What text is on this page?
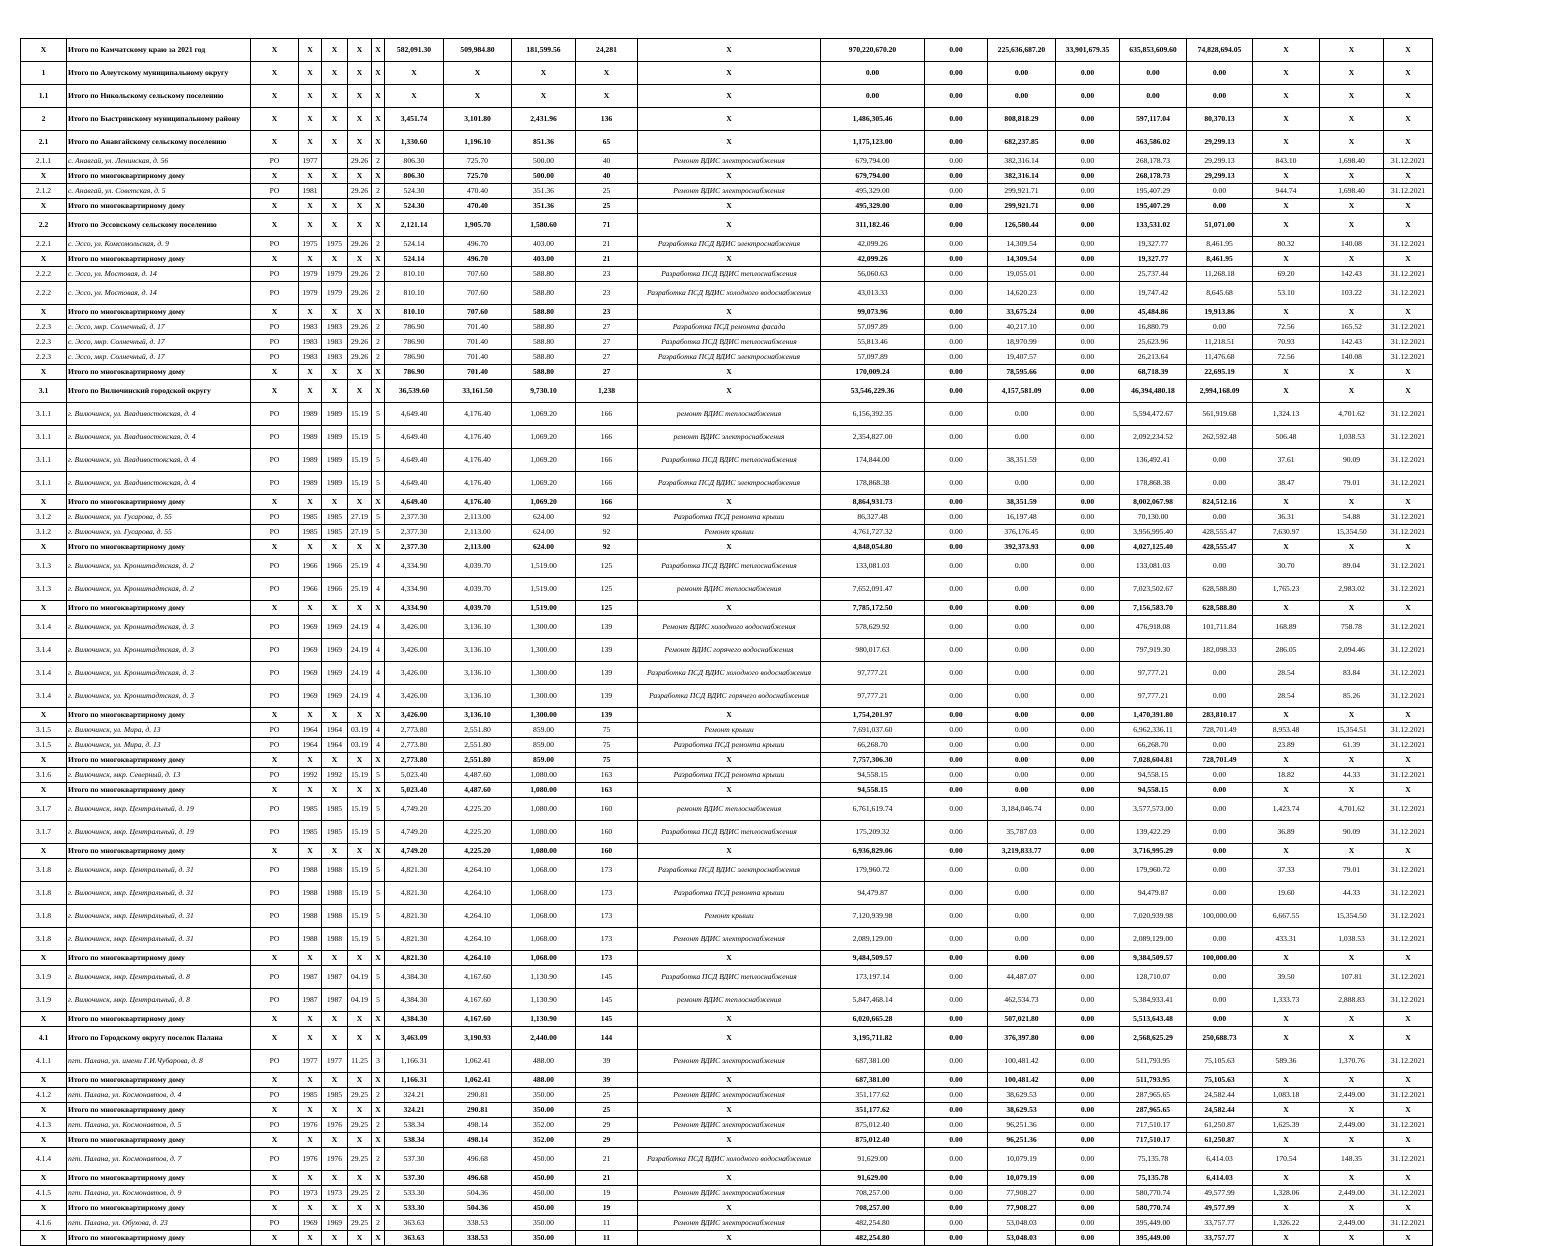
X	Итого по Камчатскому краю за 2021 год	X	X	X	X	X	582,091.30	509,984.80	181,599.56	24,281	X	970,220,670.20	0.00	225,636,687.20	33,901,679.35	635,853,609.60	74,828,694.05	X	X	X
1	Итого по Алеутскому муниципальному округу	X	X	X	X	X	X	X	X	X	X	0.00	0.00	0.00	0.00	0.00	0.00	X	X	X
1.1	Итого по Никольскому сельскому поселению	X	X	X	X	X	X	X	X	X	X	0.00	0.00	0.00	0.00	0.00	0.00	X	X	X
2	Итого по Быстринскому муниципальному району	X	X	X	X	X	3,451.74	3,101.80	2,431.96	136	X	1,486,305.46	0.00	808,818.29	0.00	597,117.04	80,370.13	X	X	X
2.1	Итого по Анавгайскому сельскому поселению	X	X	X	X	X	1,330.60	1,196.10	851.36	65	X	1,175,123.00	0.00	682,237.85	0.00	463,586.02	29,299.13	X	X	X
2.1.1	с. Анавгай, ул. Ленинская, д. 56	РО	1977		29.26	2	806.30	725.70	500.00	40	Ремонт ВДИС электроснабжения	679,794.00	0.00	382,316.14	0.00	268,178.73	29,299.13	843.10	1,698.40	31.12.2021
X	Итого по многоквартирному дому	X	X	X	X	X	806.30	725.70	500.00	40	X	679,794.00	0.00	382,316.14	0.00	268,178.73	29,299.13	X	X	X
2.1.2	с. Анавгай, ул. Советская, д. 5	РО	1981		29.26	2	524.30	470.40	351.36	25	Ремонт ВДИС электроснабжения	495,329.00	0.00	299,921.71	0.00	195,407.29	0.00	944.74	1,698.40	31.12.2021
X	Итого по многоквартирному дому	X	X	X	X	X	524.30	470.40	351.36	25	X	495,329.00	0.00	299,921.71	0.00	195,407.29	0.00	X	X	X
2.2	Итого по Эссовскому сельскому поселению	X	X	X	X	X	2,121.14	1,905.70	1,580.60	71	X	311,182.46	0.00	126,580.44	0.00	133,531.02	51,071.00	X	X	X
2.2.1	с. Эссо, ул. Комсомольская, д. 9	РО	1975	1975	29.26	2	524.14	496.70	403.00	21	Разработка ПСД ВДИС электроснабжения	42,099.26	0.00	14,309.54	0.00	19,327.77	8,461.95	80.32	140.08	31.12.2021
X	Итого по многоквартирному дому	X	X	X	X	X	524.14	496.70	403.00	21	X	42,099.26	0.00	14,309.54	0.00	19,327.77	8,461.95	X	X	X
2.2.2	с. Эссо, ул. Мостовая, д. 14	РО	1979	1979	29.26	2	810.10	707.60	588.80	23	Разработка ПСД ВДИС теплоснабжения	56,060.63	0.00	19,055.01	0.00	25,737.44	11,268.18	69.20	142.43	31.12.2021
2.2.2	с. Эссо, ул. Мостовая, д. 14	РО	1979	1979	29.26	2	810.10	707.60	588.80	23	Разработка ПСД ВДИС холодного водоснабжения	43,013.33	0.00	14,620.23	0.00	19,747.42	8,645.68	53.10	103.22	31.12.2021
X	Итого по многоквартирному дому	X	X	X	X	X	810.10	707.60	588.80	23	X	99,073.96	0.00	33,675.24	0.00	45,484.86	19,913.86	X	X	X
2.2.3	с. Эссо, мкр. Солнечный, д. 17	РО	1983	1983	29.26	2	786.90	701.40	588.80	27	Разработка ПСД ремонта фасада	57,097.89	0.00	40,217.10	0.00	16,880.79	0.00	72.56	165.52	31.12.2021
2.2.3	с. Эссо, мкр. Солнечный, д. 17	РО	1983	1983	29.26	2	786.90	701.40	588.80	27	Разработка ПСД ВДИС теплоснабжения	55,813.46	0.00	18,970.99	0.00	25,623.96	11,218.51	70.93	142.43	31.12.2021
2.2.3	с. Эссо, мкр. Солнечный, д. 17	РО	1983	1983	29.26	2	786.90	701.40	588.80	27	Разработка ПСД ВДИС электроснабжения	57,097.89	0.00	19,407.57	0.00	26,213.64	11,476.68	72.56	140.08	31.12.2021
X	Итого по многоквартирному дому	X	X	X	X	X	786.90	701.40	588.80	27	X	170,009.24	0.00	78,595.66	0.00	68,718.39	22,695.19	X	X	X
3.1	Итого по Вилючинский городской округу	X	X	X	X	X	36,539.60	33,161.50	9,730.10	1,238	X	53,546,229.36	0.00	4,157,581.09	0.00	46,394,480.18	2,994,168.09	X	X	X
3.1.1	г. Вилючинск, ул. Владивостокская, д. 4	РО	1989	1989	15.19	5	4,649.40	4,176.40	1,069.20	166	ремонт ВДИС теплоснабжения	6,156,392.35	0.00	0.00	0.00	5,594,472.67	561,919.68	1,324.13	4,701.62	31.12.2021
3.1.1	г. Вилючинск, ул. Владивостокская, д. 4	РО	1989	1989	15.19	5	4,649.40	4,176.40	1,069.20	166	ремонт ВДИС электроснабжения	2,354,827.00	0.00	0.00	0.00	2,092,234.52	262,592.48	506.48	1,038.53	31.12.2021
3.1.1	г. Вилючинск, ул. Владивостокская, д. 4	РО	1989	1989	15.19	5	4,649.40	4,176.40	1,069.20	166	Разработка ПСД ВДИС теплоснабжения	174,844.00	0.00	38,351.59	0.00	136,492.41	0.00	37.61	90.09	31.12.2021
3.1.1	г. Вилючинск, ул. Владивостокская, д. 4	РО	1989	1989	15.19	5	4,649.40	4,176.40	1,069.20	166	Разработка ПСД ВДИС электроснабжения	178,868.38	0.00	0.00	0.00	178,868.38	0.00	38.47	79.01	31.12.2021
X	Итого по многоквартирному дому	X	X	X	X	X	4,649.40	4,176.40	1,069.20	166	X	8,864,931.73	0.00	38,351.59	0.00	8,002,067.98	824,512.16	X	X	X
3.1.2	г. Вилючинск, ул. Гусарова, д. 55	РО	1985	1985	27.19	5	2,377.30	2,113.00	624.00	92	Разработка ПСД ремонта крыши	86,327.48	0.00	16,197.48	0.00	70,130.00	0.00	36.31	54.88	31.12.2021
3.1.2	г. Вилючинск, ул. Гусарова, д. 55	РО	1985	1985	27.19	5	2,377.30	2,113.00	624.00	92	Ремонт крыши	4,761,727.32	0.00	376,176.45	0.00	3,956,995.40	428,555.47	7,630.97	15,354.50	31.12.2021
X	Итого по многоквартирному дому	X	X	X	X	X	2,377.30	2,113.00	624.00	92	X	4,848,054.80	0.00	392,373.93	0.00	4,027,125.40	428,555.47	X	X	X
3.1.3	г. Вилючинск, ул. Кронштадтская, д. 2	РО	1966	1966	25.19	4	4,334.90	4,039.70	1,519.00	125	Разработка ПСД ВДИС теплоснабжения	133,081.03	0.00	0.00	0.00	133,081.03	0.00	30.70	89.04	31.12.2021
3.1.3	г. Вилючинск, ул. Кронштадтская, д. 2	РО	1966	1966	25.19	4	4,334.90	4,039.70	1,519.00	125	ремонт ВДИС теплоснабжения	7,652,091.47	0.00	0.00	0.00	7,023,502.67	628,588.80	1,765.23	2,983.02	31.12.2021
X	Итого по многоквартирному дому	X	X	X	X	X	4,334.90	4,039.70	1,519.00	125	X	7,785,172.50	0.00	0.00	0.00	7,156,583.70	628,588.80	X	X	X
3.1.4	г. Вилючинск, ул. Кронштадтская, д. 3	РО	1969	1969	24.19	4	3,426.00	3,136.10	1,300.00	139	Ремонт ВДИС холодного водоснабжения	578,629.92	0.00	0.00	0.00	476,918.08	101,711.84	168.89	758.78	31.12.2021
3.1.4	г. Вилючинск, ул. Кронштадтская, д. 3	РО	1969	1969	24.19	4	3,426.00	3,136.10	1,300.00	139	Ремонт ВДИС горячего водоснабжения	980,017.63	0.00	0.00	0.00	797,919.30	182,098.33	286.05	2,094.46	31.12.2021
3.1.4	г. Вилючинск, ул. Кронштадтская, д. 3	РО	1969	1969	24.19	4	3,426.00	3,136.10	1,300.00	139	Разработка ПСД ВДИС холодного водоснабжения	97,777.21	0.00	0.00	0.00	97,777.21	0.00	28.54	83.84	31.12.2021
3.1.4	г. Вилючинск, ул. Кронштадтская, д. 3	РО	1969	1969	24.19	4	3,426.00	3,136.10	1,300.00	139	Разработка ПСД ВДИС горячего водоснабжения	97,777.21	0.00	0.00	0.00	97,777.21	0.00	28.54	85.26	31.12.2021
X	Итого по многоквартирному дому	X	X	X	X	X	3,426.00	3,136.10	1,300.00	139	X	1,754,201.97	0.00	0.00	0.00	1,470,391.80	283,810.17	X	X	X
3.1.5	г. Вилючинск, ул. Мира, д. 13	РО	1964	1964	03.19	4	2,773.80	2,551.80	859.00	75	Ремонт крыши	7,691,037.60	0.00	0.00	0.00	6,962,336.11	728,701.49	8,953.48	15,354.51	31.12.2021
3.1.5	г. Вилючинск, ул. Мира, д. 13	РО	1964	1964	03.19	4	2,773.80	2,551.80	859.00	75	Разработка ПСД ремонта крыши	66,268.70	0.00	0.00	0.00	66,268.70	0.00	23.89	61.39	31.12.2021
X	Итого по многоквартирному дому	X	X	X	X	X	2,773.80	2,551.80	859.00	75	X	7,757,306.30	0.00	0.00	0.00	7,028,604.81	728,701.49	X	X	X
3.1.6	г. Вилючинск, мкр. Северный, д. 13	РО	1992	1992	15.19	5	5,023.40	4,487.60	1,080.00	163	Разработка ПСД ремонта крыши	94,558.15	0.00	0.00	0.00	94,558.15	0.00	18.82	44.33	31.12.2021
X	Итого по многоквартирному дому	X	X	X	X	X	5,023.40	4,487.60	1,080.00	163	X	94,558.15	0.00	0.00	0.00	94,558.15	0.00	X	X	X
3.1.7	г. Вилючинск, мкр. Центральный, д. 19	РО	1985	1985	15.19	5	4,749.20	4,225.20	1,080.00	160	ремонт ВДИС теплоснабжения	6,761,619.74	0.00	3,184,046.74	0.00	3,577,573.00	0.00	1,423.74	4,701.62	31.12.2021
3.1.7	г. Вилючинск, мкр. Центральный, д. 19	РО	1985	1985	15.19	5	4,749.20	4,225.20	1,080.00	160	Разработка ПСД ВДИС теплоснабжения	175,209.32	0.00	35,787.03	0.00	139,422.29	0.00	36.89	90.09	31.12.2021
X	Итого по многоквартирному дому	X	X	X	X	X	4,749.20	4,225.20	1,080.00	160	X	6,936,829.06	0.00	3,219,833.77	0.00	3,716,995.29	0.00	X	X	X
3.1.8	г. Вилючинск, мкр. Центральный, д. 31	РО	1988	1988	15.19	5	4,821.30	4,264.10	1,068.00	173	Разработка ПСД ВДИС электроснабжения	179,960.72	0.00	0.00	0.00	179,960.72	0.00	37.33	79.01	31.12.2021
3.1.8	г. Вилючинск, мкр. Центральный, д. 31	РО	1988	1988	15.19	5	4,821.30	4,264.10	1,068.00	173	Разработка ПСД ремонта крыши	94,479.87	0.00	0.00	0.00	94,479.87	0.00	19.60	44.33	31.12.2021
3.1.8	г. Вилючинск, мкр. Центральный, д. 31	РО	1988	1988	15.19	5	4,821.30	4,264.10	1,068.00	173	Ремонт крыши	7,120,939.98	0.00	0.00	0.00	7,020,939.98	100,000.00	6,667.55	15,354.50	31.12.2021
3.1.8	г. Вилючинск, мкр. Центральный, д. 31	РО	1988	1988	15.19	5	4,821.30	4,264.10	1,068.00	173	Ремонт ВДИС электроснабжения	2,089,129.00	0.00	0.00	0.00	2,089,129.00	0.00	433.31	1,038.53	31.12.2021
X	Итого по многоквартирному дому	X	X	X	X	X	4,821.30	4,264.10	1,068.00	173	X	9,484,509.57	0.00	0.00	0.00	9,384,509.57	100,000.00	X	X	X
3.1.9	г. Вилючинск, мкр. Центральный, д. 8	РО	1987	1987	04.19	5	4,384.30	4,167.60	1,130.90	145	Разработка ПСД ВДИС теплоснабжения	173,197.14	0.00	44,487.07	0.00	128,710.07	0.00	39.50	107.81	31.12.2021
3.1.9	г. Вилючинск, мкр. Центральный, д. 8	РО	1987	1987	04.19	5	4,384.30	4,167.60	1,130.90	145	ремонт ВДИС теплоснабжения	5,847,468.14	0.00	462,534.73	0.00	5,384,933.41	0.00	1,333.73	2,888.83	31.12.2021
X	Итого по многоквартирному дому	X	X	X	X	X	4,384.30	4,167.60	1,130.90	145	X	6,020,665.28	0.00	507,021.80	0.00	5,513,643.48	0.00	X	X	X
4.1	Итого по Городскому округу поселок Палана	X	X	X	X	X	3,463.09	3,190.93	2,440.00	144	X	3,195,711.82	0.00	376,397.80	0.00	2,568,625.29	250,688.73	X	X	X
4.1.1	пгт. Палана, ул. имени Г.И.Чубарова, д. 8	РО	1977	1977	11.25	3	1,166.31	1,062.41	488.00	39	Ремонт ВДИС электроснабжения	687,381.00	0.00	100,481.42	0.00	511,793.95	75,105.63	589.36	1,370.76	31.12.2021
X	Итого по многоквартирному дому	X	X	X	X	X	1,166.31	1,062.41	488.00	39	X	687,381.00	0.00	100,481.42	0.00	511,793.95	75,105.63	X	X	X
4.1.2	пгт. Палана, ул. Космонавтов, д. 4	РО	1985	1985	29.25	2	324.21	290.81	350.00	25	Ремонт ВДИС электроснабжения	351,177.62	0.00	38,629.53	0.00	287,965.65	24,582.44	1,083.18	2,449.00	31.12.2021
X	Итого по многоквартирному дому	X	X	X	X	X	324.21	290.81	350.00	25	X	351,177.62	0.00	38,629.53	0.00	287,965.65	24,582.44	X	X	X
4.1.3	пгт. Палана, ул. Космонавтов, д. 5	РО	1976	1976	29.25	2	538.34	498.14	352.00	29	Ремонт ВДИС электроснабжения	875,012.40	0.00	96,251.36	0.00	717,510.17	61,250.87	1,625.39	2,449.00	31.12.2021
X	Итого по многоквартирному дому	X	X	X	X	X	538.34	498.14	352.00	29	X	875,012.40	0.00	96,251.36	0.00	717,510.17	61,250.87	X	X	X
4.1.4	пгт. Палана, ул. Космонавтов, д. 7	РО	1976	1976	29.25	2	537.30	496.68	450.00	21	Разработка ПСД ВДИС холодного водоснабжения	91,629.00	0.00	10,079.19	0.00	75,135.78	6,414.03	170.54	148.35	31.12.2021
X	Итого по многоквартирному дому	X	X	X	X	X	537.30	496.68	450.00	21	X	91,629.00	0.00	10,079.19	0.00	75,135.78	6,414.03	X	X	X
4.1.5	пгт. Палана, ул. Космонавтов, д. 9	РО	1973	1973	29.25	2	533.30	504.36	450.00	19	Ремонт ВДИС электроснабжения	708,257.00	0.00	77,908.27	0.00	580,770.74	49,577.99	1,328.06	2,449.00	31.12.2021
X	Итого по многоквартирному дому	X	X	X	X	X	533.30	504.36	450.00	19	X	708,257.00	0.00	77,908.27	0.00	580,770.74	49,577.99	X	X	X
4.1.6	пгт. Палана, ул. Обухова, д. 23	РО	1969	1969	29.25	2	363.63	338.53	350.00	11	Ремонт ВДИС электроснабжения	482,254.80	0.00	53,048.03	0.00	395,449.00	33,757.77	1,326.22	2,449.00	31.12.2021
X	Итого по многоквартирному дому	X	X	X	X	X	363.63	338.53	350.00	11	X	482,254.80	0.00	53,048.03	0.00	395,449.00	33,757.77	X	X	X
